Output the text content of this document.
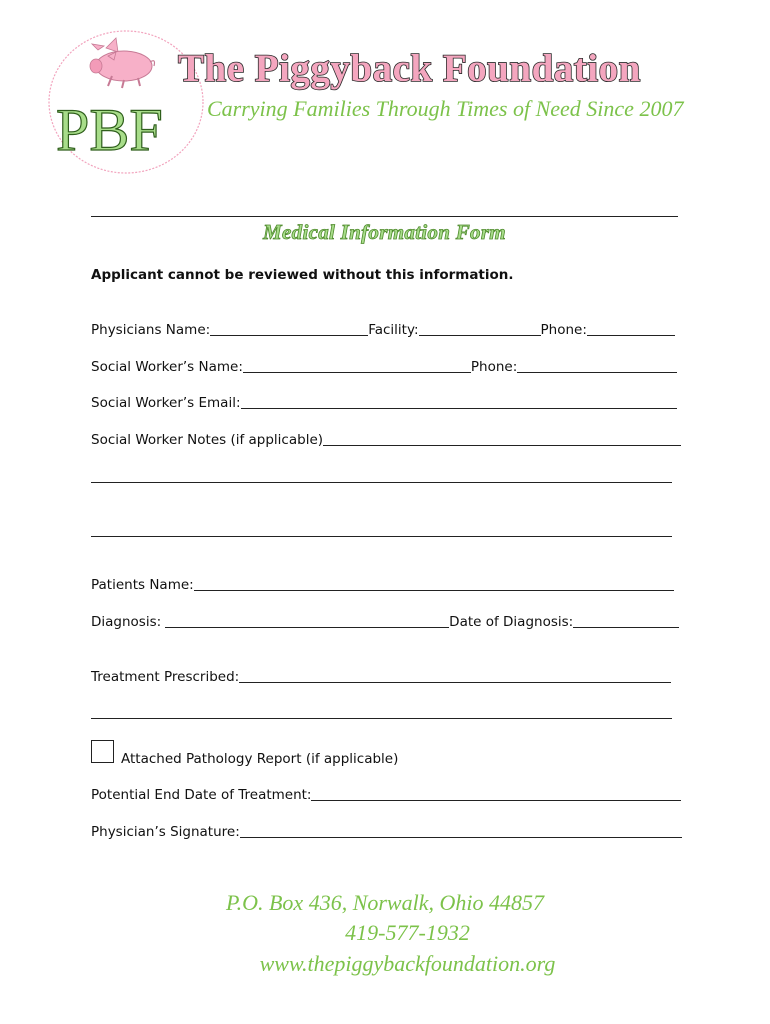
PBF
The Piggyback Foundation
Carrying Families Through Times of Need Since 2007
Medical Information Form
Applicant cannot be reviewed without this information.
Physicians Name:	Facility:	Phone:
Social Worker’s Name:	Phone:
Social Worker’s Email:
Social Worker Notes (if applicable)
Patients Name:
Diagnosis:	Date of Diagnosis:
Treatment Prescribed:
Attached Pathology Report (if applicable)
Potential End Date of Treatment:
Physician’s Signature:
P.O. Box 436, Norwalk, Ohio 44857
419-577-1932
www.thepiggybackfoundation.org
